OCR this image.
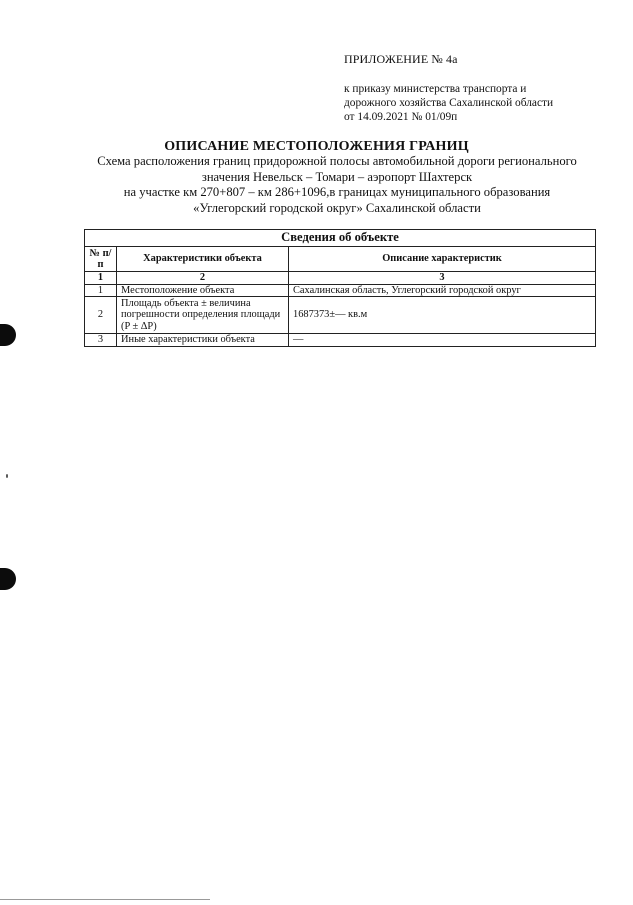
ПРИЛОЖЕНИЕ № 4а
к приказу министерства транспорта и
дорожного хозяйства Сахалинской области
от 14.09.2021 № 01/09п
ОПИСАНИЕ МЕСТОПОЛОЖЕНИЯ ГРАНИЦ
Схема расположения границ придорожной полосы автомобильной дороги регионального
значения Невельск – Томари – аэропорт Шахтерск
на участке км 270+807 – км 286+1096,в границах муниципального образования
«Углегорский городской округ» Сахалинской области
Сведения об объекте		
№ п/п	Характеристики объекта	Описание характеристик
1	2	3
1	Местоположение объекта	Сахалинская область, Углегорский городской округ
2	Площадь объекта ± величина погрешности определения площади (P ± ΔP)	1687373±— кв.м
3	Иные характеристики объекта	—
